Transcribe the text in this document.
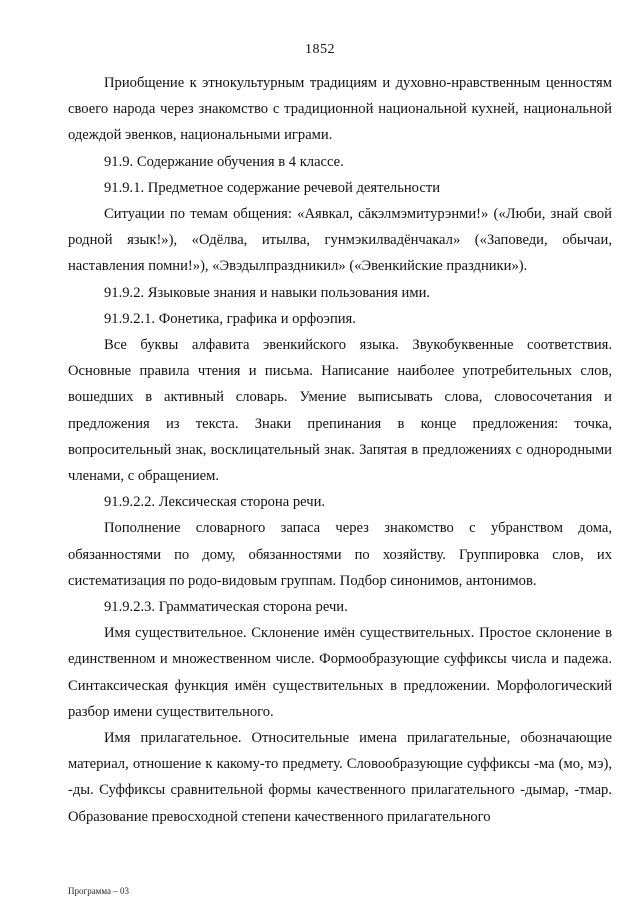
1852

Приобщение к этнокультурным традициям и духовно-нравственным ценностям своего народа через знакомство с традиционной национальной кухней, национальной одеждой эвенков, национальными играми.

91.9. Содержание обучения в 4 классе.

91.9.1. Предметное содержание речевой деятельности

Ситуации по темам общения: «Аявкал, сăкэлмэмитурэнми!» («Люби, знай свой родной язык!»), «Одёлва, итылва, гунмэкилвадёнчакал» («Заповеди, обычаи, наставления помни!»), «Эвэдылпраздникил» («Эвенкийские праздники»).

91.9.2. Языковые знания и навыки пользования ими.

91.9.2.1. Фонетика, графика и орфоэпия.

Все буквы алфавита эвенкийского языка. Звукобуквенные соответствия. Основные правила чтения и письма. Написание наиболее употребительных слов, вошедших в активный словарь. Умение выписывать слова, словосочетания и предложения из текста. Знаки препинания в конце предложения: точка, вопросительный знак, восклицательный знак. Запятая в предложениях с однородными членами, с обращением.

91.9.2.2. Лексическая сторона речи.

Пополнение словарного запаса через знакомство с убранством дома, обязанностями по дому, обязанностями по хозяйству. Группировка слов, их систематизация по родо-видовым группам. Подбор синонимов, антонимов.

91.9.2.3. Грамматическая сторона речи.

Имя существительное. Склонение имён существительных. Простое склонение в единственном и множественном числе. Формообразующие суффиксы числа и падежа. Синтаксическая функция имён существительных в предложении. Морфологический разбор имени существительного.

Имя прилагательное. Относительные имена прилагательные, обозначающие материал, отношение к какому-то предмету. Словообразующие суффиксы -ма (мо, мэ), -ды. Суффиксы сравнительной формы качественного прилагательного -дымар, -тмар. Образование превосходной степени качественного прилагательного

Программа – 03
